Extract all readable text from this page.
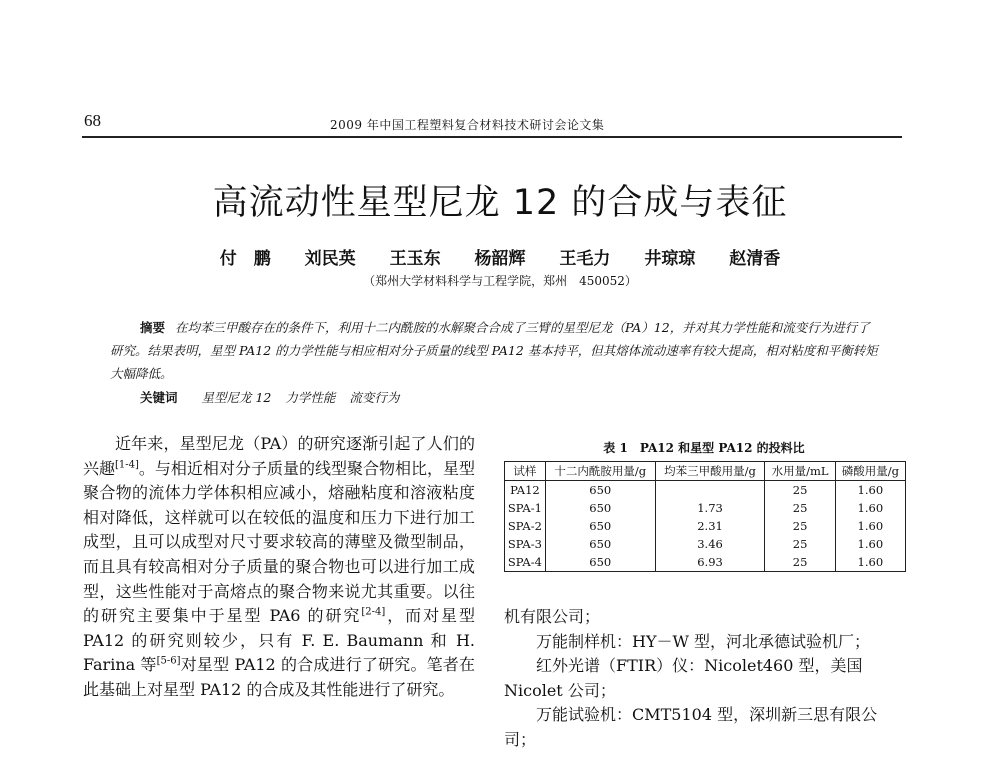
68	2009 年中国工程塑料复合材料技术研讨会论文集
高流动性星型尼龙 12 的合成与表征
付　鹏 刘民英 王玉东 杨韶辉 王毛力 井琼琼 赵清香
（郑州大学材料科学与工程学院，郑州　450052）
摘要 在均苯三甲酸存在的条件下，利用十二内酰胺的水解聚合合成了三臂的星型尼龙（PA）12，并对其力学性能和流变行为进行了研究。结果表明，星型 PA12 的力学性能与相应相对分子质量的线型 PA12 基本持平，但其熔体流动速率有较大提高，相对粘度和平衡转矩大幅降低。
关键词 星型尼龙 12 力学性能 流变行为

近年来，星型尼龙（PA）的研究逐渐引起了人们的兴趣[1-4]。与相近相对分子质量的线型聚合物相比，星型聚合物的流体力学体积相应减小，熔融粘度和溶液粘度相对降低，这样就可以在较低的温度和压力下进行加工成型，且可以成型对尺寸要求较高的薄壁及微型制品，而且具有较高相对分子质量的聚合物也可以进行加工成型，这些性能对于高熔点的聚合物来说尤其重要。以往的研究主要集中于星型 PA6 的研究[2-4]，而对星型 PA12 的研究则较少，只有 F. E. Baumann 和 H. Farina 等[5-6]对星型 PA12 的合成进行了研究。笔者在此基础上对星型 PA12 的合成及其性能进行了研究。

表 1　PA12 和星型 PA12 的投料比
试样	十二内酰胺用量/g	均苯三甲酸用量/g	水用量/mL	磷酸用量/g
PA12	650		25	1.60
SPA-1	650	1.73	25	1.60
SPA-2	650	2.31	25	1.60
SPA-3	650	3.46	25	1.60
SPA-4	650	6.93	25	1.60

机有限公司；

万能制样机：HY－W 型，河北承德试验机厂；

红外光谱（FTIR）仪：Nicolet460 型，美国 Nicolet 公司；

万能试验机：CMT5104 型，深圳新三思有限公司；
